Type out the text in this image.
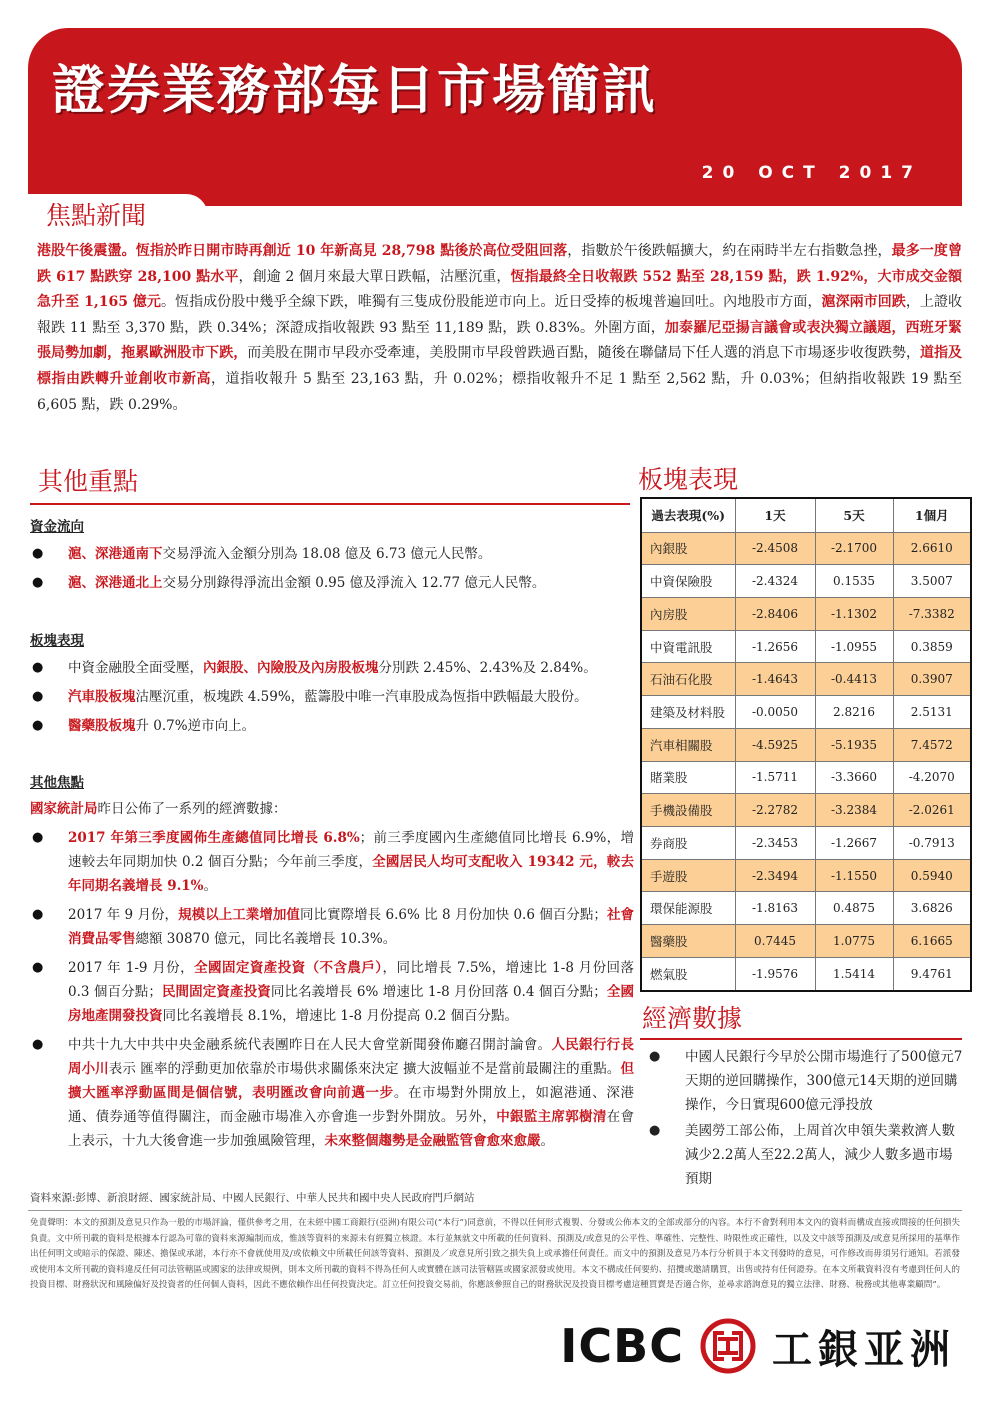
證券業務部每日市場簡訊
20 OCT 2017
焦點新聞
港股午後震盪。恆指於昨日開市時再創近 10 年新高見 28,798 點後於高位受阻回落，指數於午後跌幅擴大，約在兩時半左右指數急挫，最多一度曾跌 617 點跌穿 28,100 點水平，創逾 2 個月來最大單日跌幅，沽壓沉重，恆指最終全日收報跌 552 點至 28,159 點，跌 1.92%，大市成交金額急升至 1,165 億元。恆指成份股中幾乎全線下跌，唯獨有三隻成份股能逆市向上。近日受捧的板塊普遍回吐。內地股市方面，滬深兩市回跌，上證收報跌 11 點至 3,370 點，跌 0.34%；深證成指收報跌 93 點至 11,189 點，跌 0.83%。外圍方面，加泰羅尼亞揚言議會或表決獨立議題，西班牙緊張局勢加劇，拖累歐洲股市下跌，而美股在開市早段亦受牽連，美股開市早段曾跌過百點，隨後在聯儲局下任人選的消息下市場逐步收復跌勢，道指及標指由跌轉升並創收市新高，道指收報升 5 點至 23,163 點，升 0.02%；標指收報升不足 1 點至 2,562 點，升 0.03%；但納指收報跌 19 點至 6,605 點，跌 0.29%。
其他重點
資金流向
● 滬、深港通南下交易淨流入金額分別為 18.08 億及 6.73 億元人民幣。
● 滬、深港通北上交易分別錄得淨流出金額 0.95 億及淨流入 12.77 億元人民幣。
板塊表現
● 中資金融股全面受壓，內銀股、內險股及內房股板塊分別跌 2.45%、2.43%及 2.84%。
● 汽車股板塊沽壓沉重，板塊跌 4.59%，藍籌股中唯一汽車股成為恆指中跌幅最大股份。
● 醫藥股板塊升 0.7%逆市向上。
其他焦點
國家統計局昨日公佈了一系列的經濟數據：
● 2017 年第三季度國佈生產總值同比增長 6.8%；前三季度國內生產總值同比增長 6.9%，增速較去年同期加快 0.2 個百分點；今年前三季度，全國居民人均可支配收入 19342 元，較去年同期名義增長 9.1%。
● 2017 年 9 月份，規模以上工業增加值同比實際增長 6.6% 比 8 月份加快 0.6 個百分點；社會消費品零售總額 30870 億元，同比名義增長 10.3%。
● 2017 年 1-9 月份，全國固定資產投資（不含農戶），同比增長 7.5%，增速比 1-8 月份回落 0.3 個百分點；民間固定資產投資同比名義增長 6% 增速比 1-8 月份回落 0.4 個百分點；全國房地產開發投資同比名義增長 8.1%，增速比 1-8 月份提高 0.2 個百分點。
● 中共十九大中共中央金融系統代表團昨日在人民大會堂新聞發佈廳召開討論會。人民銀行行長周小川表示 匯率的浮動更加依靠於市場供求關係來決定 擴大波幅並不是當前最關注的重點。但擴大匯率浮動區間是個信號，表明匯改會向前邁一步。在市場對外開放上，如滬港通、深港通、債券通等值得關注，而金融市場准入亦會進一步對外開放。另外，中銀監主席郭樹清在會上表示，十九大後會進一步加強風險管理，未來整個趨勢是金融監管會愈來愈嚴。
板塊表現
過去表現(%)	1天	5天	1個月
內銀股	-2.4508	-2.1700	2.6610
中資保險股	-2.4324	0.1535	3.5007
內房股	-2.8406	-1.1302	-7.3382
中資電訊股	-1.2656	-1.0955	0.3859
石油石化股	-1.4643	-0.4413	0.3907
建築及材料股	-0.0050	2.8216	2.5131
汽車相關股	-4.5925	-5.1935	7.4572
賭業股	-1.5711	-3.3660	-4.2070
手機設備股	-2.2782	-3.2384	-2.0261
券商股	-2.3453	-1.2667	-0.7913
手遊股	-2.3494	-1.1550	0.5940
環保能源股	-1.8163	0.4875	3.6826
醫藥股	0.7445	1.0775	6.1665
燃氣股	-1.9576	1.5414	9.4761
經濟數據
● 中國人民銀行今早於公開市場進行了500億元7天期的逆回購操作，300億元14天期的逆回購操作，今日實現600億元淨投放
● 美國勞工部公佈，上周首次申領失業救濟人數減少2.2萬人至22.2萬人，減少人數多過市場預期
資料來源:彭博、新浪財經、國家統計局、中國人民銀行、中華人民共和國中央人民政府門戶網站
免責聲明：本文的預測及意見只作為一般的市場評論，僅供參考之用，在未經中國工商銀行(亞洲)有限公司(“本行”)同意前，不得以任何形式複製、分發或公佈本文的全部或部分的內容。本行不會對利用本文內的資料而構成直接或間接的任何損失負責。文中所刊載的資料是根據本行認為可靠的資料來源編制而成，惟該等資料的來源未有經獨立核證。本行並無就文中所載的任何資料、預測及/或意見的公平性、準確性、完整性、時限性或正確性，以及文中該等預測及/或意見所採用的基準作出任何明文或暗示的保證、陳述、擔保或承諾，本行亦不會就使用及/或依賴文中所載任何該等資料、預測及／或意見所引致之損失負上或承擔任何責任。而文中的預測及意見乃本行分析員于本文刊發時的意見，可作修改而毋須另行通知。若派發或使用本文所刊載的資料違反任何司法管轄區或國家的法律或規例，則本文所刊載的資料不得為任何人或實體在該司法管轄區或國家派發或使用。本文不構成任何要約、招攬或邀請購買，出售或持有任何證券。在本文所載資料沒有考慮到任何人的投資目標、財務狀況和風險偏好及投資者的任何個人資料，因此不應依賴作出任何投資決定。訂立任何投資交易前，你應該參照自己的財務狀況及投資目標考慮這種買賣是否適合你，並尋求諮詢意見的獨立法律、財務、稅務或其他專業顧問”。
ICBC 工銀亚洲
